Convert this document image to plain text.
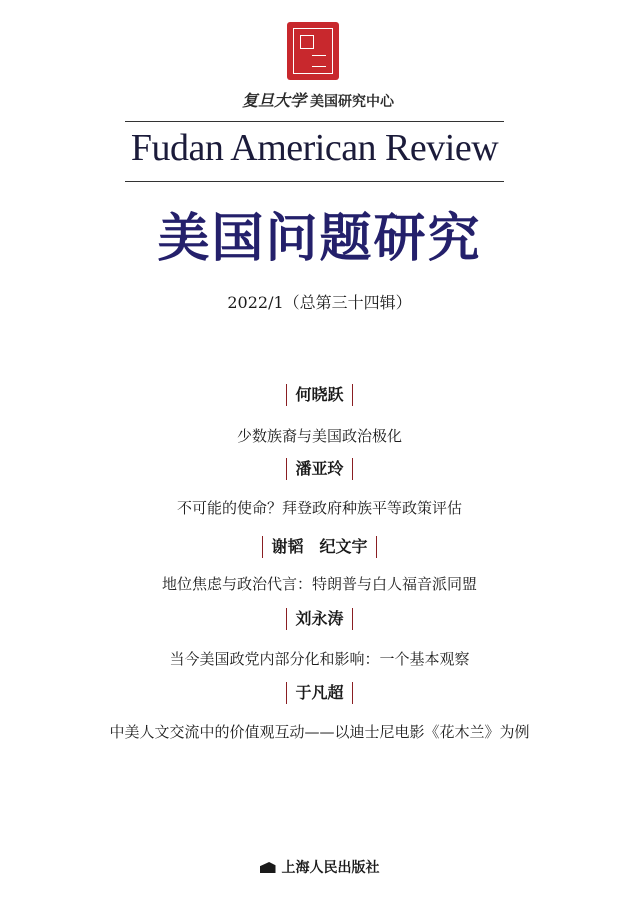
复旦大学 美国研究中心
Fudan American Review
美国问题研究
2022/1（总第三十四辑）
何晓跃
少数族裔与美国政治极化
潘亚玲
不可能的使命？拜登政府种族平等政策评估
谢韬　纪文宇
地位焦虑与政治代言：特朗普与白人福音派同盟
刘永涛
当今美国政党内部分化和影响：一个基本观察
于凡超
中美人文交流中的价值观互动——以迪士尼电影《花木兰》为例
上海人民出版社
